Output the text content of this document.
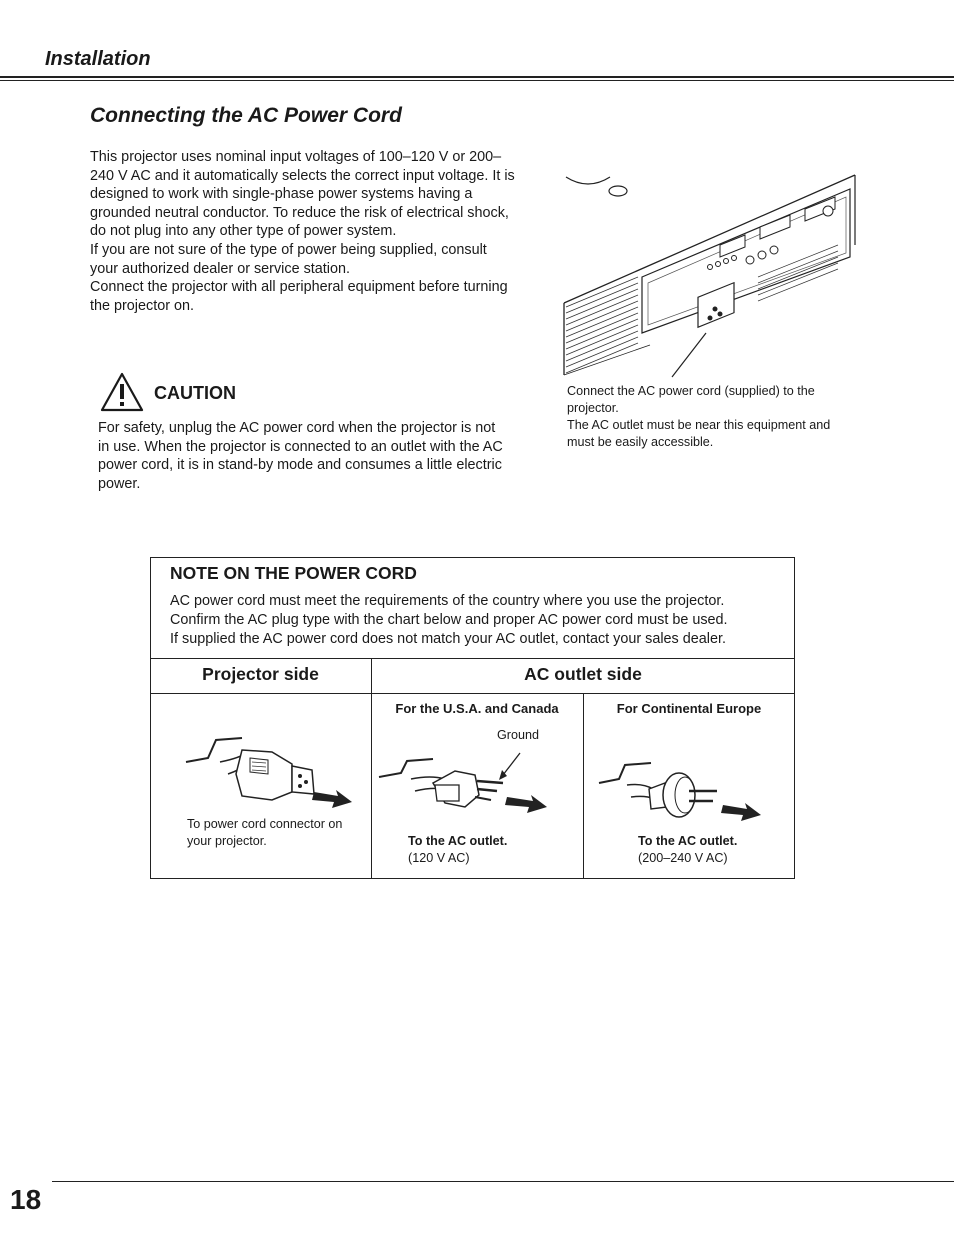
Installation
Connecting the AC Power Cord

This projector uses nominal input voltages of 100–120 V or 200–240 V AC and it automatically selects the correct input voltage. It is designed to work with single-phase power systems having a grounded neutral conductor. To reduce the risk of electrical shock, do not plug into any other type of power system.

If you are not sure of the type of power being supplied, consult your authorized dealer or service station.

Connect the projector with all peripheral equipment before turning the projector on.

Connect the AC power cord (supplied) to the projector.

The AC outlet must be near this equipment and must be easily accessible.

CAUTION
For safety, unplug the AC power cord when the projector is not in use. When the projector is connected to an outlet with the AC power cord, it is in stand-by mode and consumes a little electric power.
NOTE ON THE POWER CORD

AC power cord must meet the requirements of the country where you use the projector.

Confirm the AC plug type with the chart below and proper AC power cord must be used.

If supplied the AC power cord does not match your AC outlet, contact your sales dealer.

Projector side	AC outlet side
For the U.S.A. and Canada	For Continental Europe
To power cord connector on your projector.
Ground
To the AC outlet.
(120 V AC)
To the AC outlet.
(200–240 V AC)
18
